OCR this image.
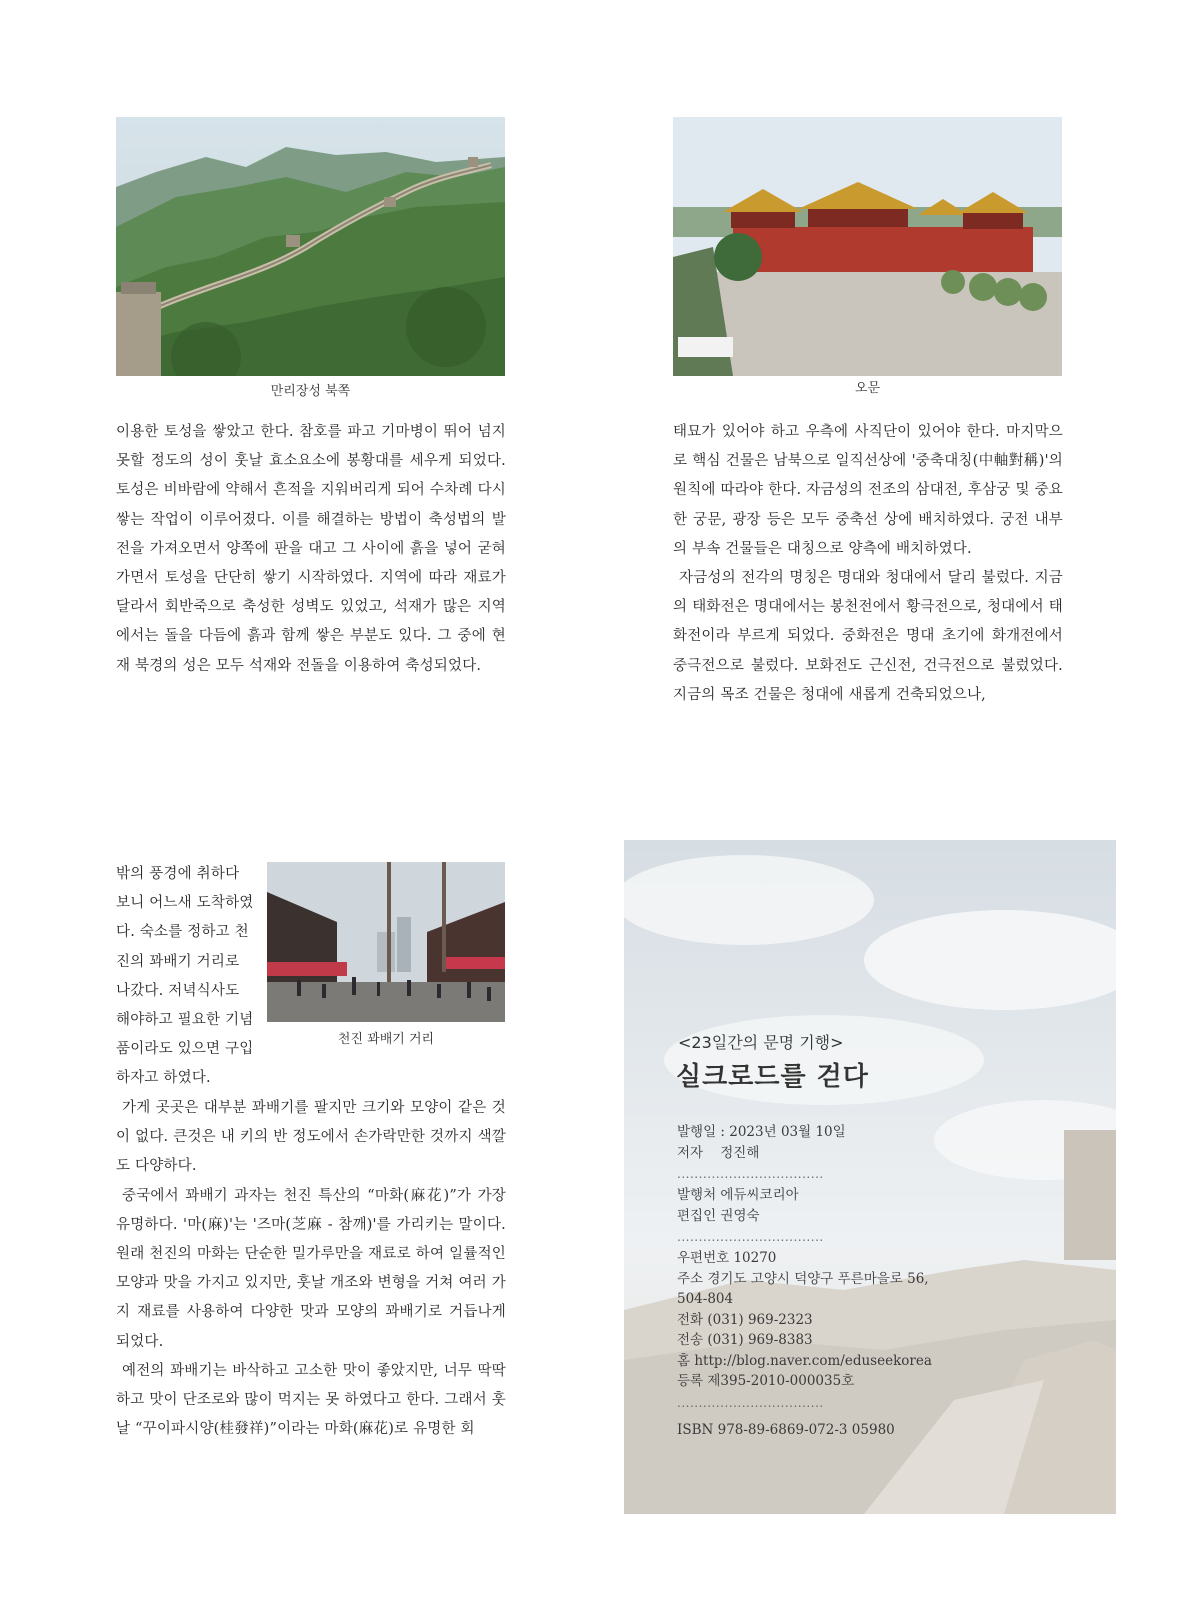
만리장성 북쪽	오문

이용한 토성을 쌓았고 한다. 참호를 파고 기마병이 뛰어 넘지 못할 정도의 성이 훗날 효소요소에 봉황대를 세우게 되었다. 토성은 비바람에 약해서 흔적을 지워버리게 되어 수차례 다시 쌓는 작업이 이루어졌다. 이를 해결하는 방법이 축성법의 발전을 가져오면서 양쪽에 판을 대고 그 사이에 흙을 넣어 굳혀 가면서 토성을 단단히 쌓기 시작하였다. 지역에 따라 재료가 달라서 회반죽으로 축성한 성벽도 있었고, 석재가 많은 지역에서는 돌을 다듬에 흙과 함께 쌓은 부분도 있다. 그 중에 현재 북경의 성은 모두 석재와 전돌을 이용하여 축성되었다.

태묘가 있어야 하고 우측에 사직단이 있어야 한다. 마지막으로 핵심 건물은 남북으로 일직선상에 '중축대칭(中軸對稱)'의 원칙에 따라야 한다. 자금성의 전조의 삼대전, 후삼궁 및 중요한 궁문, 광장 등은 모두 중축선 상에 배치하였다. 궁전 내부의 부속 건물들은 대칭으로 양측에 배치하였다.

자금성의 전각의 명칭은 명대와 청대에서 달리 불렀다. 지금의 태화전은 명대에서는 봉천전에서 황극전으로, 청대에서 태화전이라 부르게 되었다. 중화전은 명대 초기에 화개전에서 중극전으로 불렀다. 보화전도 근신전, 건극전으로 불렀었다. 지금의 목조 건물은 청대에 새롭게 건축되었으나,

천진 꽈배기 거리

밖의 풍경에 취하다 보니 어느새 도착하였다. 숙소를 정하고 천진의 꽈배기 거리로 나갔다. 저녁식사도 해야하고 필요한 기념품이라도 있으면 구입하자고 하였다.

가게 곳곳은 대부분 꽈배기를 팔지만 크기와 모양이 같은 것이 없다. 큰것은 내 키의 반 정도에서 손가락만한 것까지 색깔도 다양하다.

중국에서 꽈배기 과자는 천진 특산의 “마화(麻花)”가 가장 유명하다. '마(麻)'는 '즈마(芝麻 - 참깨)'를 가리키는 말이다. 원래 천진의 마화는 단순한 밀가루만을 재료로 하여 일률적인 모양과 맛을 가지고 있지만, 훗날 개조와 변형을 거쳐 여러 가지 재료를 사용하여 다양한 맛과 모양의 꽈배기로 거듭나게 되었다.

예전의 꽈배기는 바삭하고 고소한 맛이 좋았지만, 너무 딱딱하고 맛이 단조로와 많이 먹지는 못 하였다고 한다. 그래서 훗날 “꾸이파시양(桂發祥)”이라는 마화(麻花)로 유명한 회

<23일간의 문명 기행>
실크로드를 걷다
발행일 : 2023년 03월 10일
저자    정진해
..................................
발행처 에듀씨코리아
편집인 권영숙
..................................
우편번호 10270
주소 경기도 고양시 덕양구 푸른마을로 56,
504-804
전화 (031) 969-2323
전송 (031) 969-8383
홈 http://blog.naver.com/eduseekorea
등록 제395-2010-000035호
..................................
ISBN 978-89-6869-072-3 05980
